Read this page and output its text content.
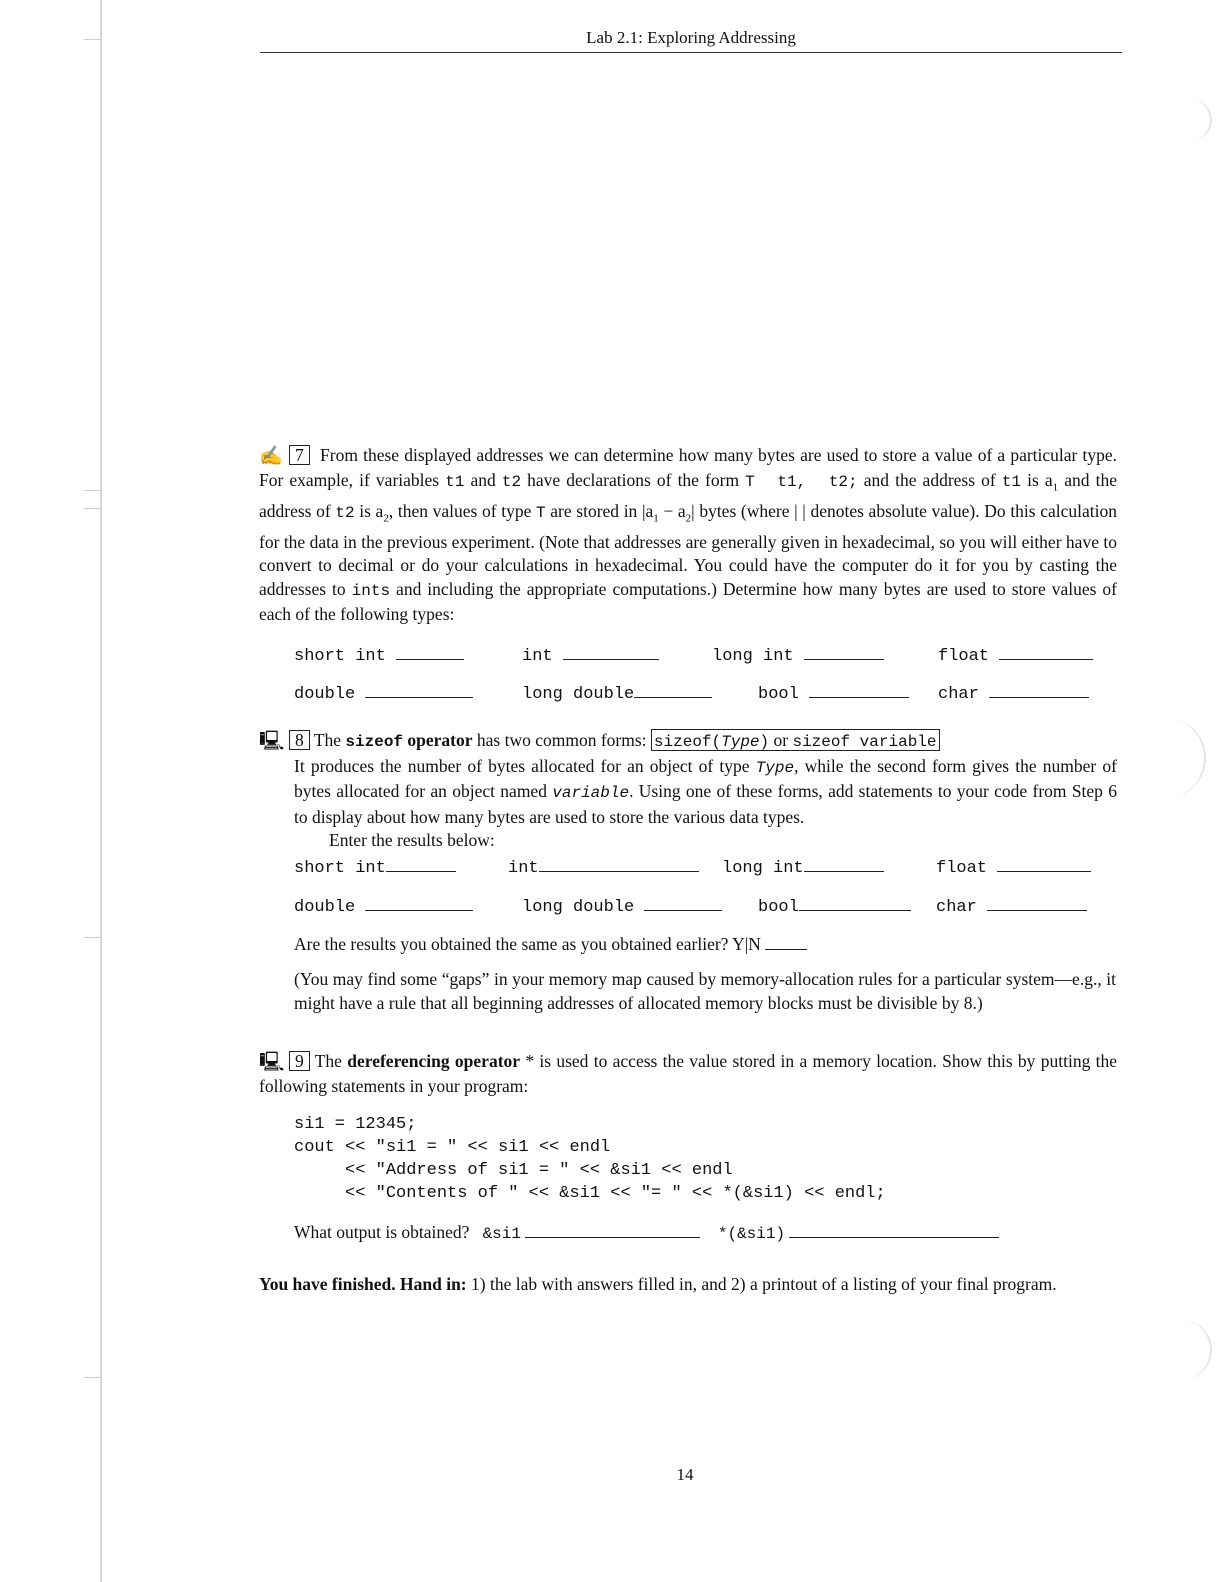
Lab 2.1: Exploring Addressing
✍ 7 From these displayed addresses we can determine how many bytes are used to store a value of a particular type. For example, if variables t1 and t2 have declarations of the form T  t1,  t2; and the address of t1 is $a_1$ and the address of t2 is $a_2$, then values of type T are stored in $|a_1 - a_2|$ bytes (where | | denotes absolute value). Do this calculation for the data in the previous experiment. (Note that addresses are generally given in hexadecimal, so you will either have to convert to decimal or do your calculations in hexadecimal. You could have the computer do it for you by casting the addresses to ints and including the appropriate computations.) Determine how many bytes are used to store values of each of the following types:
short int	int	long int	float
double	long double	bool	char
🖳 8 The sizeof operator has two common forms: sizeof(Type) or sizeof variable
It produces the number of bytes allocated for an object of type Type, while the second form gives the number of bytes allocated for an object named variable. Using one of these forms, add statements to your code from Step 6 to display about how many bytes are used to store the various data types.
Enter the results below:
short int	int	long int	float
double	long double	bool	char
Are the results you obtained the same as you obtained earlier? Y|N
(You may find some “gaps” in your memory map caused by memory-allocation rules for a particular system—e.g., it might have a rule that all beginning addresses of allocated memory blocks must be divisible by 8.)
🖳 9 The dereferencing operator * is used to access the value stored in a memory location. Show this by putting the following statements in your program:
si1 = 12345;
cout << "si1 = " << si1 << endl
<< "Address of si1 = " << &si1 << endl
<< "Contents of " << &si1 << "= " << *(&si1) << endl;
What output is obtained? &si1	*(&si1)
You have finished. Hand in: 1) the lab with answers filled in, and 2) a printout of a listing of your final program.
14
